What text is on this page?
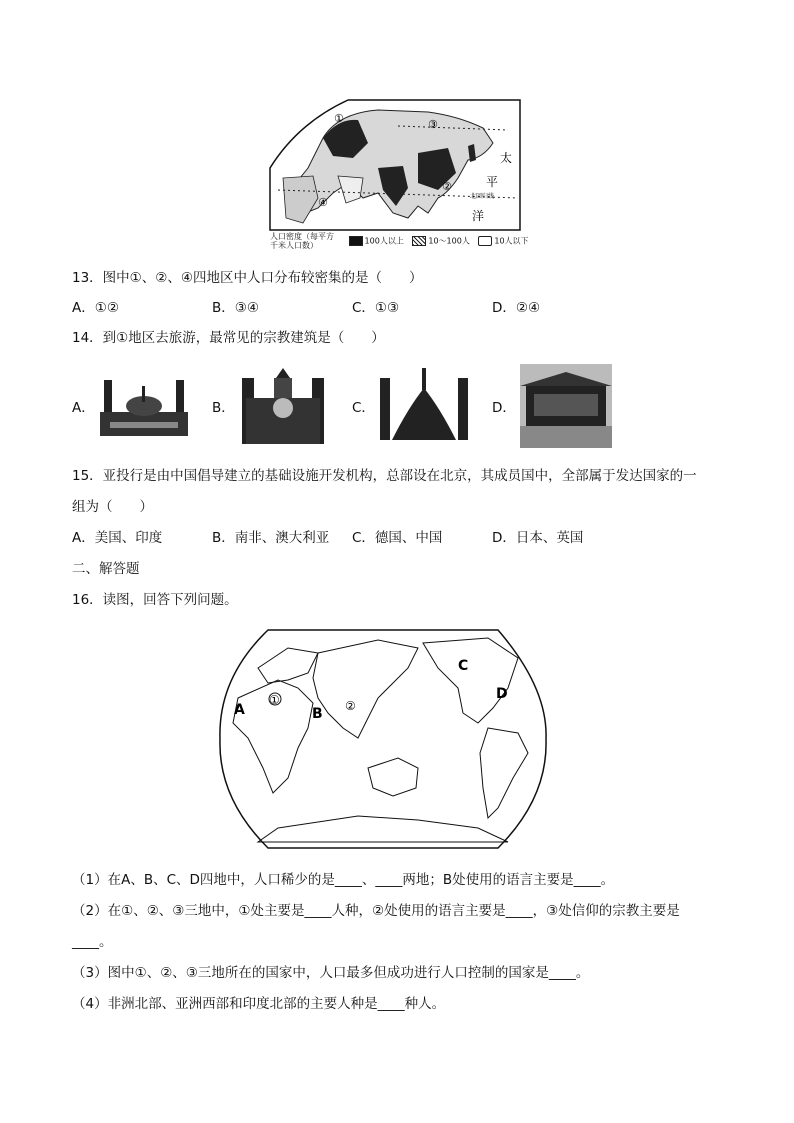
③
①
②
④
太
平
洋
北回归线
人口密度（每平方千米人口数）	100人以上	10～100人	10人以下
13．图中①、②、④四地区中人口分布较密集的是（　　）
A．①②	B．③④	C．①③	D．②④
14．到①地区去旅游，最常见的宗教建筑是（　　）
A．	B．	C．	D．
15．亚投行是由中国倡导建立的基础设施开发机构，总部设在北京，其成员国中，全部属于发达国家的一
组为（　　）
A．美国、印度	B．南非、澳大利亚 C．德国、中国	D．日本、英国
二、解答题
16．读图，回答下列问题。
A
①
B ②
C
D
（1）在A、B、C、D四地中，人口稀少的是____、____两地；B处使用的语言主要是____。
（2）在①、②、③三地中，①处主要是____人种，②处使用的语言主要是____，③处信仰的宗教主要是
____。
（3）图中①、②、③三地所在的国家中，人口最多但成功进行人口控制的国家是____。
（4）非洲北部、亚洲西部和印度北部的主要人种是____种人。
